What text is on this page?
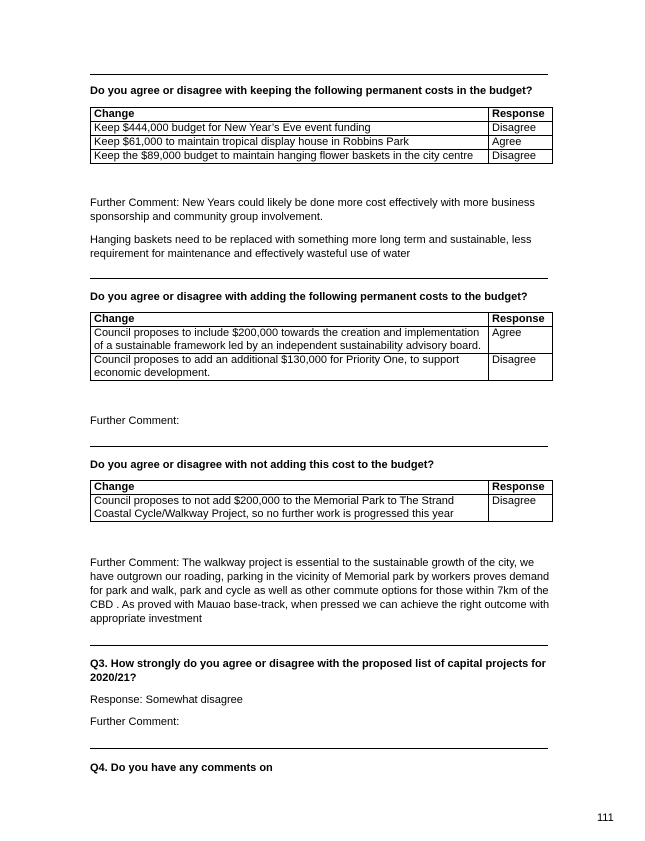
Do you agree or disagree with keeping the following permanent costs in the budget?
Change	Response
Keep $444,000 budget for New Year’s Eve event funding	Disagree
Keep $61,000 to maintain tropical display house in Robbins Park	Agree
Keep the $89,000 budget to maintain hanging flower baskets in the city centre	Disagree
Further Comment: New Years could likely be done more cost effectively with more business sponsorship and community group involvement.
Hanging baskets need to be replaced with something more long term and sustainable, less requirement for maintenance and effectively wasteful use of water
Do you agree or disagree with adding the following permanent costs to the budget?
Change	Response
Council proposes to include $200,000 towards the creation and implementation of a sustainable framework led by an independent sustainability advisory board.	Agree
Council proposes to add an additional $130,000 for Priority One, to support economic development.	Disagree
Further Comment:
Do you agree or disagree with not adding this cost to the budget?
Change	Response
Council proposes to not add $200,000 to the Memorial Park to The Strand Coastal Cycle/Walkway Project, so no further work is progressed this year	Disagree
Further Comment: The walkway project is essential to the sustainable growth of the city, we have outgrown our roading, parking in the vicinity of Memorial park by workers proves demand for park and walk, park and cycle as well as other commute options for those within 7km of the CBD . As proved with Mauao base-track, when pressed we can achieve the right outcome with appropriate investment
Q3. How strongly do you agree or disagree with the proposed list of capital projects for 2020/21?
Response: Somewhat disagree
Further Comment:
Q4. Do you have any comments on
111
